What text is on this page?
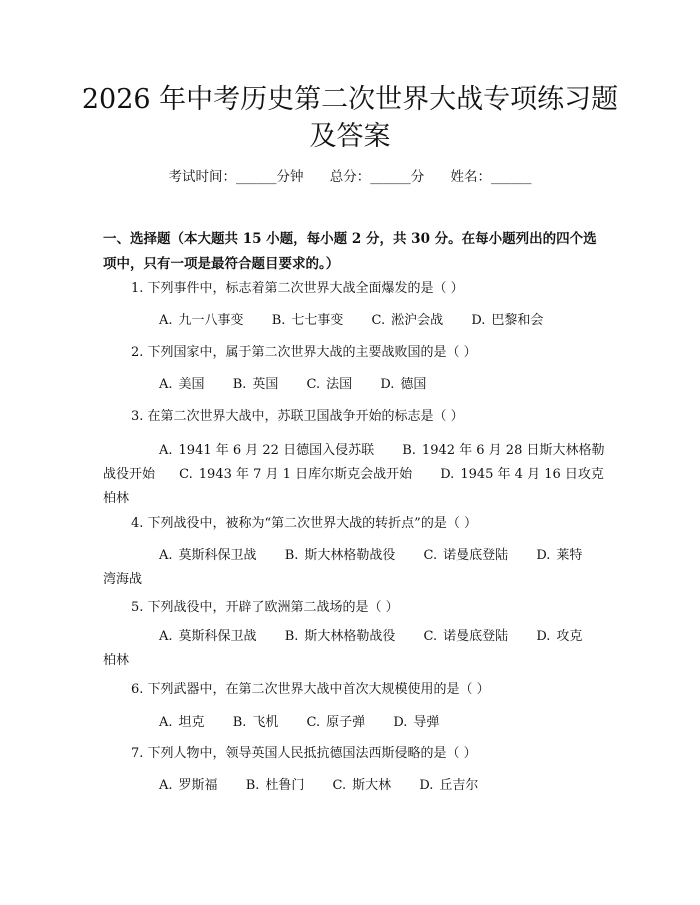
2026 年中考历史第二次世界大战专项练习题
及答案
考试时间：______分钟 总分：______分 姓名：______

一、选择题（本大题共 15 小题，每小题 2 分，共 30 分。在每小题列出的四个选

项中，只有一项是最符合题目要求的。）

1. 下列事件中，标志着第二次世界大战全面爆发的是（ ）
A. 九一八事变 B. 七七事变 C. 淞沪会战 D. 巴黎和会
2. 下列国家中，属于第二次世界大战的主要战败国的是（ ）
A. 美国 B. 英国 C. 法国 D. 德国
3. 在第二次世界大战中，苏联卫国战争开始的标志是（ ）
A. 1941 年 6 月 22 日德国入侵苏联 B. 1942 年 6 月 28 日斯大林格勒
战役开始 C. 1943 年 7 月 1 日库尔斯克会战开始 D. 1945 年 4 月 16 日攻克
柏林
4. 下列战役中，被称为“第二次世界大战的转折点”的是（ ）
A. 莫斯科保卫战 B. 斯大林格勒战役 C. 诺曼底登陆 D. 莱特
湾海战
5. 下列战役中，开辟了欧洲第二战场的是（ ）
A. 莫斯科保卫战 B. 斯大林格勒战役 C. 诺曼底登陆 D. 攻克
柏林
6. 下列武器中，在第二次世界大战中首次大规模使用的是（ ）
A. 坦克 B. 飞机 C. 原子弹 D. 导弹
7. 下列人物中，领导英国人民抵抗德国法西斯侵略的是（ ）
A. 罗斯福 B. 杜鲁门 C. 斯大林 D. 丘吉尔
